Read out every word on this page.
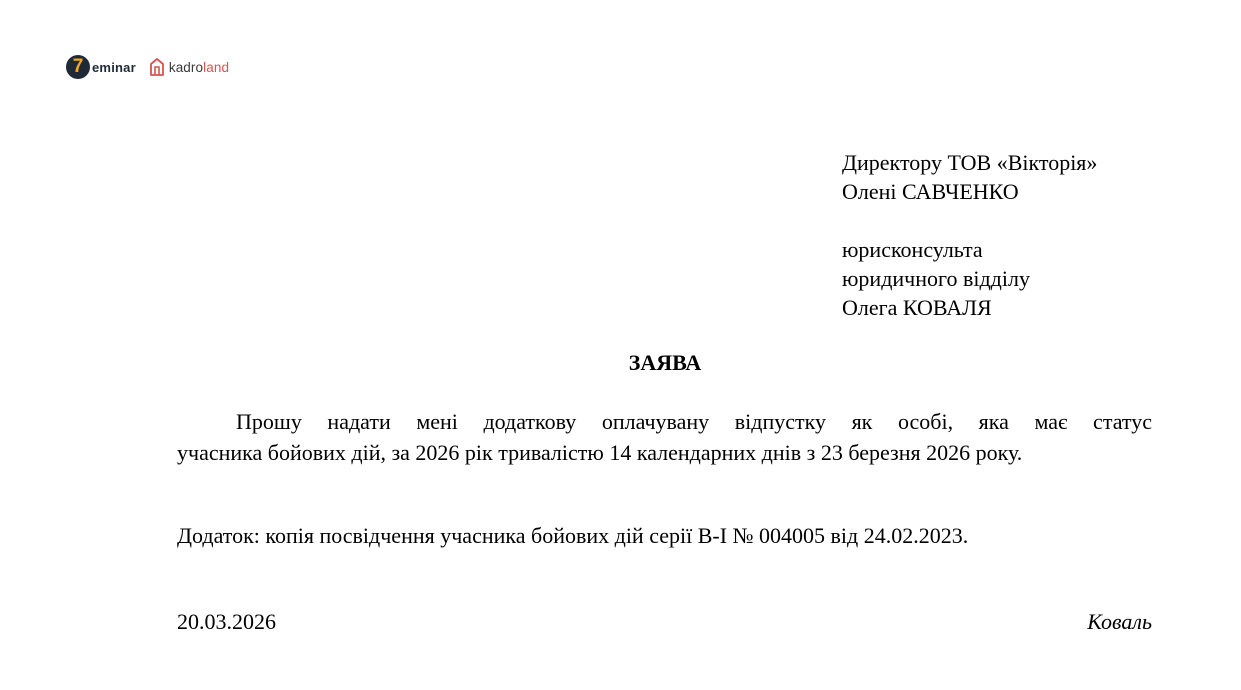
7 eminar kadroland
Директору ТОВ «Вікторія»
Олені САВЧЕНКО
юрисконсульта
юридичного відділу
Олега КОВАЛЯ
ЗАЯВА
Прошу надати мені додаткову оплачувану відпустку як особі, яка має статус
учасника бойових дій, за 2026 рік тривалістю 14 календарних днів з 23 березня 2026 року.
Додаток: копія посвідчення учасника бойових дій серії В-І № 004005 від 24.02.2023.
20.03.2026	Коваль
